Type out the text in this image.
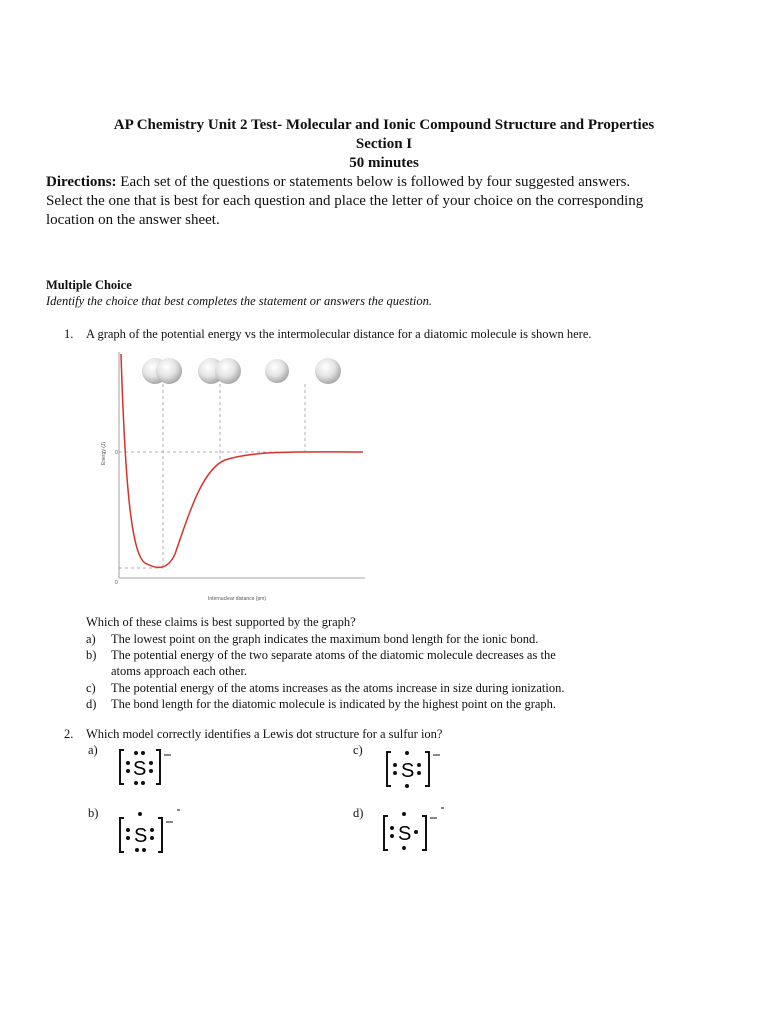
AP Chemistry Unit 2 Test- Molecular and Ionic Compound Structure and Properties
Section I
50 minutes
Directions: Each set of the questions or statements below is followed by four suggested answers.
Select the one that is best for each question and place the letter of your choice on the corresponding
location on the answer sheet.
Multiple Choice
Identify the choice that best completes the statement or answers the question.
1. A graph of the potential energy vs the intermolecular distance for a diatomic molecule is shown here.
Energy (J) 0
0
Internuclear distance (pm)
Which of these claims is best supported by the graph?
a) The lowest point on the graph indicates the maximum bond length for the ionic bond.
b) The potential energy of the two separate atoms of the diatomic molecule decreases as the
atoms approach each other.
c) The potential energy of the atoms increases as the atoms increase in size during ionization.
d) The bond length for the diatomic molecule is indicated by the highest point on the graph.
2. Which model correctly identifies a Lewis dot structure for a sulfur ion?
a)
S
b)
S
c)
S
d)
S
